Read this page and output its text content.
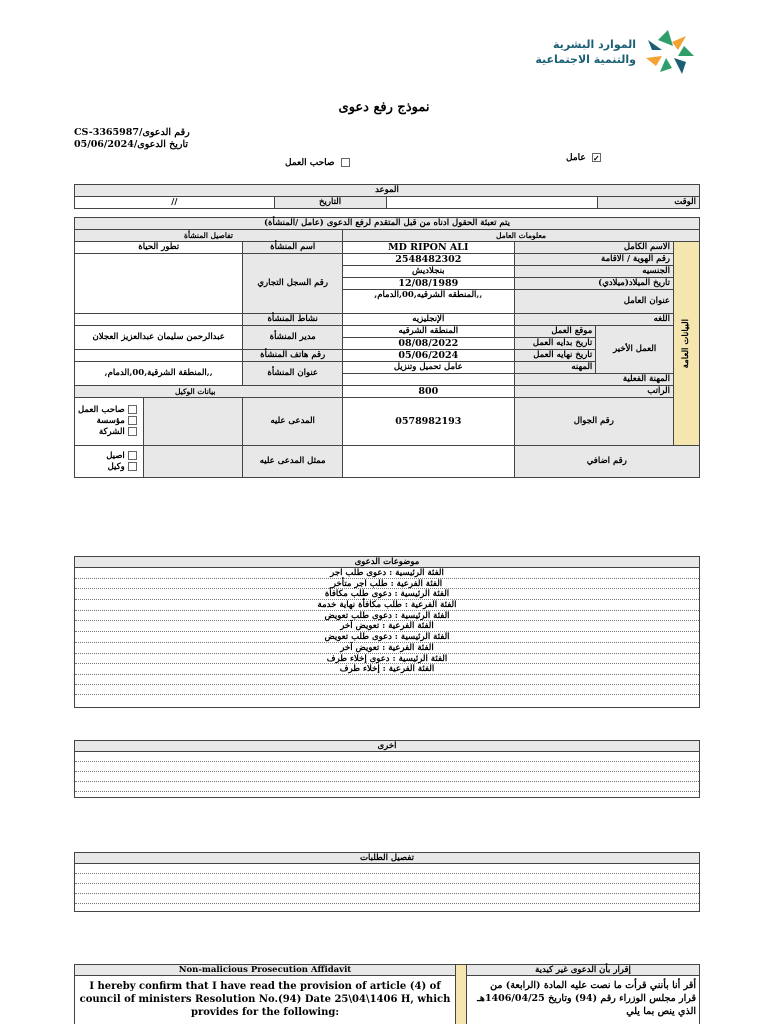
الموارد البشرية
والتنمية الاجتماعية
نموذج رفع دعوى
CS-3365987رقم الدعوى/
05/06/2024تاريخ الدعوى/
عامل ✓
صاحب العمل
الموعد
//	التاريخ		الوقت
يتم تعبئة الحقول ادناه من قبل المتقدم لرفع الدعوى (عامل /المنشأة)						
تفاصيل المنشأة			معلومات العامل			
تطور الحياة		اسم المنشأة	MD RIPON ALI	الاسم الكامل		البيانات العامة

		رقم السجل التجاري	2548482302	رقم الهوية / الاقامة		
			بنجلاديش	الجنسيه		
			12/08/1989	تاريخ الميلاد(ميلادي)		
			,,المنطقه الشرقيه,00,الدمام,	عنوان العامل		

		نشاط المنشأة	الإنجليزيه	اللغه		
عبدالرحمن سليمان عبدالعزيز العجلان		مدير المنشأة	المنطقه الشرقيه	موقع العمل	العمل الأخير	
			08/08/2022	تاريخ بدايه العمل		
		رقم هاتف المنشأة	05/06/2024	تاريخ نهايه العمل		
,,المنطقة الشرقية,00,الدمام,		عنوان المنشأة	عامل تحميل وتنزيل	المهنه		
				المهنة الفعلية		
بيانات الوكيل			800	الراتب		

صاحب العمل
مؤسسة
الشركة		المدعى عليه	0578982193	رقم الجوال		

اصيل
وكيل		ممثل المدعى عليه		رقم اضافي		
موضوعات الدعوى
الفئة الرئيسية : دعوى طلب اجر
الفئة الفرعية : طلب اجر متأخر
الفئة الرئيسية : دعوى طلب مكافأة
الفئة الفرعية : طلب مكافأة نهاية خدمة
الفئة الرئيسية : دعوى طلب تعويض
الفئة الفرعية : تعويض آخر
الفئة الرئيسية : دعوى طلب تعويض
الفئة الفرعية : تعويض آخر
الفئة الرئيسية : دعوى إخلاء طرف
الفئة الفرعية : إخلاء طرف
اخرى
تفصيل الطلبات
Non-malicious Prosecution Affidavit
I hereby confirm that I have read the provision of article (4) of council of ministers Resolution No.(94) Date 25\04\1406 H, which provides for the following:
إقرار بأن الدعوى غير كيدية
أقر أنا بأنني قرأت ما نصت عليه المادة (الرابعة) من قرار مجلس الوزراء رقم (94) وتاريخ 1406/04/25هـ الذي ينص بما يلي
